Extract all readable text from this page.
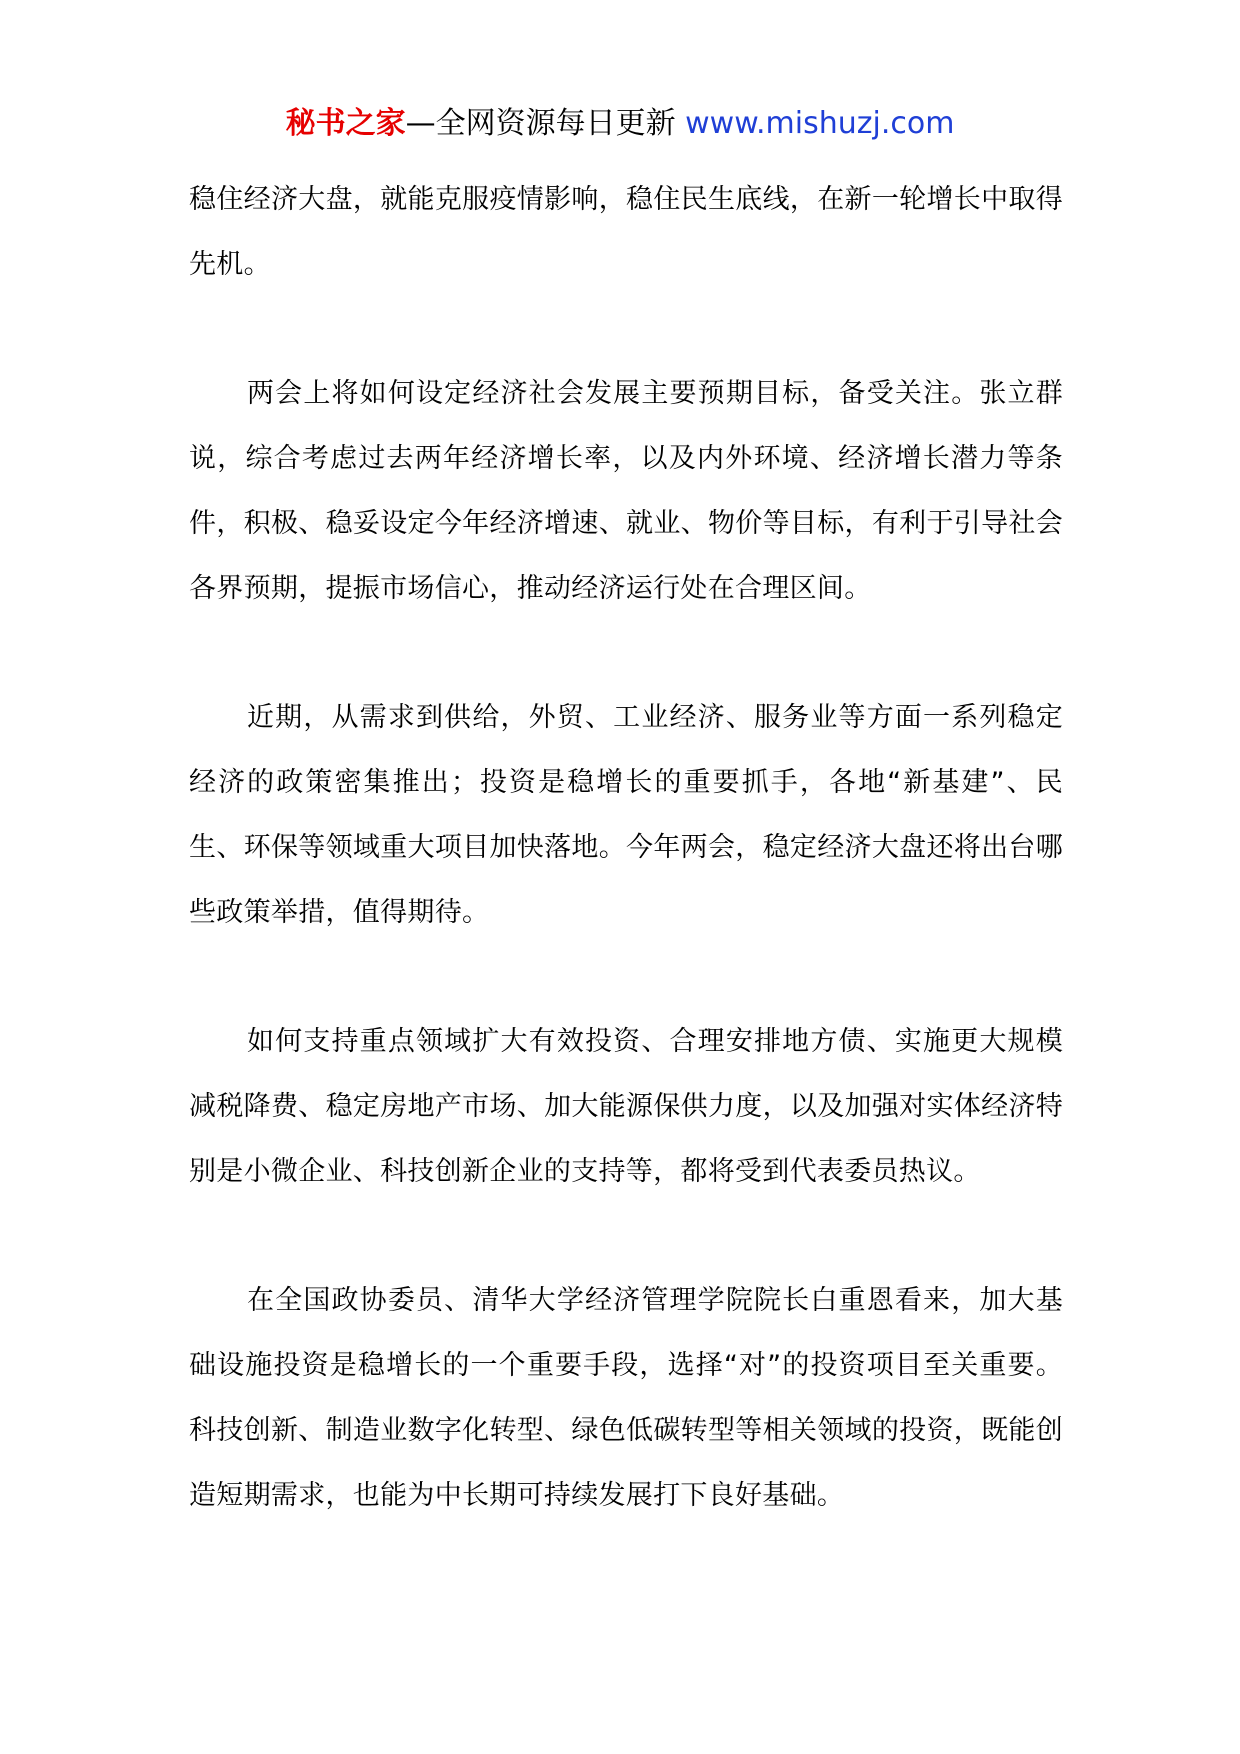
秘书之家—全网资源每日更新 www.mishuzj.com

稳住经济大盘，就能克服疫情影响，稳住民生底线，在新一轮增长中取得先机。

两会上将如何设定经济社会发展主要预期目标，备受关注。张立群说，综合考虑过去两年经济增长率，以及内外环境、经济增长潜力等条件，积极、稳妥设定今年经济增速、就业、物价等目标，有利于引导社会各界预期，提振市场信心，推动经济运行处在合理区间。

近期，从需求到供给，外贸、工业经济、服务业等方面一系列稳定经济的政策密集推出；投资是稳增长的重要抓手，各地“新基建”、民生、环保等领域重大项目加快落地。今年两会，稳定经济大盘还将出台哪些政策举措，值得期待。

如何支持重点领域扩大有效投资、合理安排地方债、实施更大规模减税降费、稳定房地产市场、加大能源保供力度，以及加强对实体经济特别是小微企业、科技创新企业的支持等，都将受到代表委员热议。

在全国政协委员、清华大学经济管理学院院长白重恩看来，加大基础设施投资是稳增长的一个重要手段，选择“对”的投资项目至关重要。科技创新、制造业数字化转型、绿色低碳转型等相关领域的投资，既能创造短期需求，也能为中长期可持续发展打下良好基础。
